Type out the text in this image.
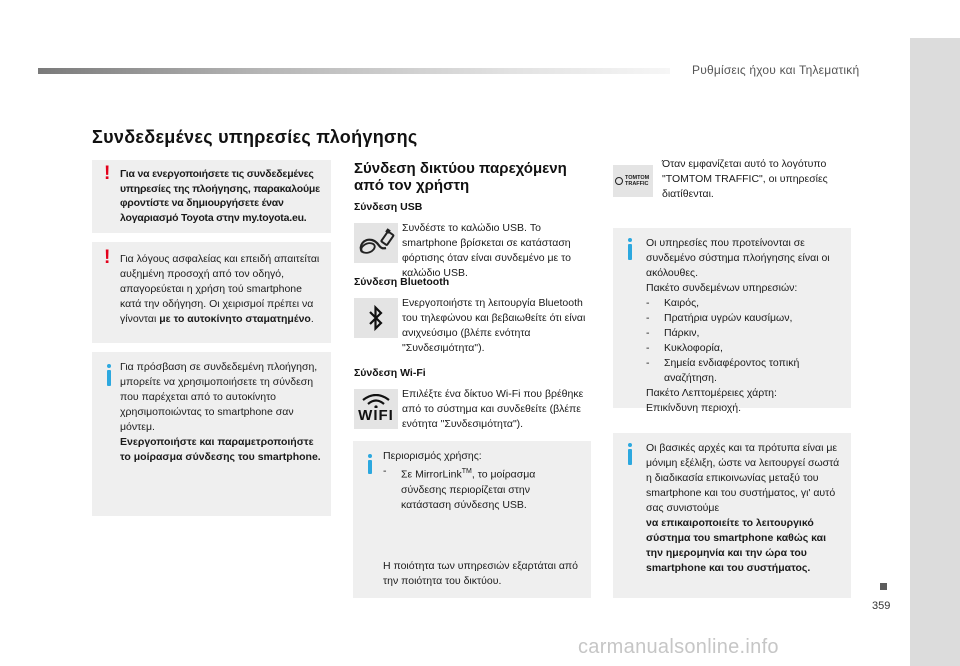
Ρυθμίσεις ήχου και Τηλεματική
359
carmanualsonline.info
Συνδεδεμένες υπηρεσίες πλοήγησης
! Για να ενεργοποιήσετε τις συνδεδεμένες υπηρεσίες της πλοήγησης, παρακαλούμε φροντίστε να δημιουργήσετε έναν λογαριασμό Toyota στην my.toyota.eu.

! Για λόγους ασφαλείας και επειδή απαιτείται αυξημένη προσοχή από τον οδηγό, απαγορεύεται η χρήση τού smartphone κατά την οδήγηση. Οι χειρισμοί πρέπει να γίνονται με το αυτοκίνητο σταματημένο.

Για πρόσβαση σε συνδεδεμένη πλοήγηση, μπορείτε να χρησιμοποιήσετε τη σύνδεση που παρέχεται από το αυτοκίνητο χρησιμοποιώντας το smartphone σαν μόντεμ.

Ενεργοποιήστε και παραμετροποιήστε το μοίρασμα σύνδεσης του smartphone.

Σύνδεση δικτύου παρεχόμενη από τον χρήστη
Σύνδεση USB
Συνδέστε το καλώδιο USB. Το smartphone βρίσκεται σε κατάσταση φόρτισης όταν είναι συνδεμένο με το καλώδιο USB.
Σύνδεση Bluetooth
Ενεργοποιήστε τη λειτουργία Bluetooth του τηλεφώνου και βεβαιωθείτε ότι είναι ανιχνεύσιμο (βλέπε ενότητα "Συνδεσιμότητα").
Σύνδεση Wi-Fi
WIFI
Επιλέξτε ένα δίκτυο Wi-Fi που βρέθηκε από το σύστημα και συνδεθείτε (βλέπε ενότητα "Συνδεσιμότητα").

Περιορισμός χρήσης:

-	Σε MirrorLink™, το μοίρασμα σύνδεσης περιορίζεται στην κατάσταση σύνδεσης USB.

Η ποιότητα των υπηρεσιών εξαρτάται από την ποιότητα του δικτύου.

TOMTOM
TRAFFIC
Όταν εμφανίζεται αυτό το λογότυπο "TOMTOM TRAFFIC", οι υπηρεσίες διατίθενται.

Οι υπηρεσίες που προτείνονται σε συνδεμένο σύστημα πλοήγησης είναι οι ακόλουθες.

Πακέτο συνδεμένων υπηρεσιών:

-	Καιρός,
-	Πρατήρια υγρών καυσίμων,
-	Πάρκιν,
-	Κυκλοφορία,
-	Σημεία ενδιαφέροντος τοπική αναζήτηση.

Πακέτο Λεπτομέρειες χάρτη:

Επικίνδυνη περιοχή.

Οι βασικές αρχές και τα πρότυπα είναι με μόνιμη εξέλιξη, ώστε να λειτουργεί σωστά η διαδικασία επικοινωνίας μεταξύ του smartphone και του συστήματος, γι' αυτό σας συνιστούμε

να επικαιροποιείτε το λειτουργικό σύστημα του smartphone καθώς και την ημερομηνία και την ώρα του smartphone και του συστήματος.
